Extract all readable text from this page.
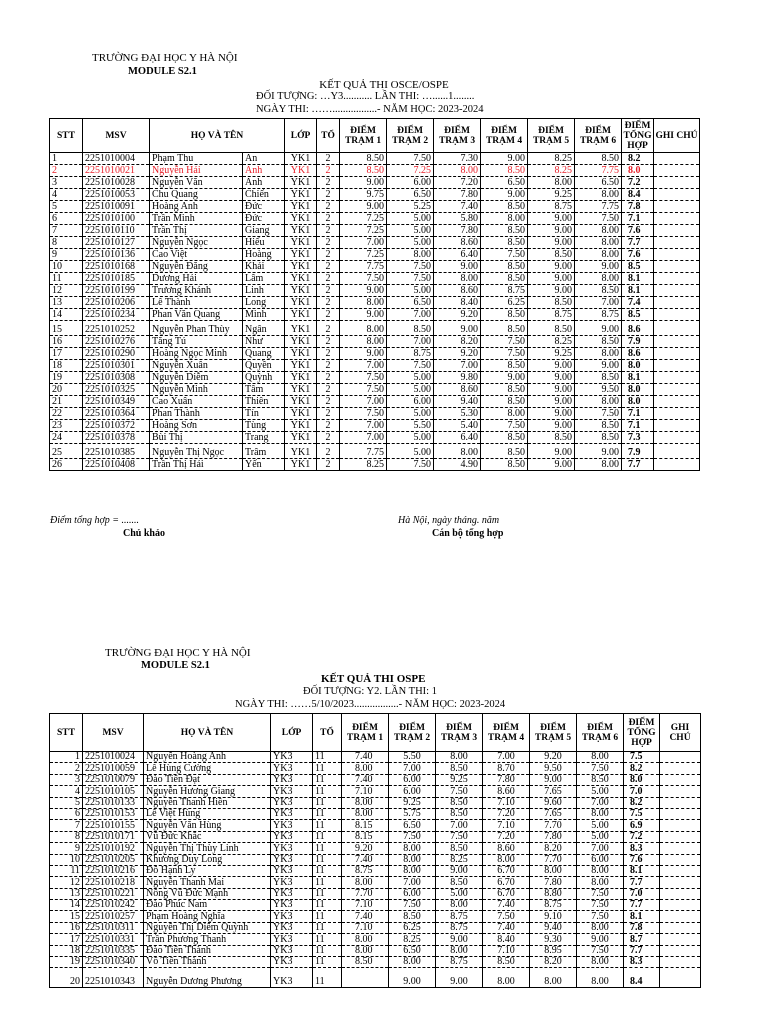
TRƯỜNG ĐẠI HỌC Y HÀ NỘI
MODULE S2.1
KẾT QUẢ THI OSCE/OSPE
ĐỐI TƯỢNG: …Y3........... LẦN THI: …......1........
NGÀY THI: …….................- NĂM HỌC: 2023-2024
STT	MSV	HỌ VÀ TÊN		LỚP	TỔ	ĐIỂM TRẠM 1	ĐIỂM TRẠM 2	ĐIỂM TRẠM 3	ĐIỂM TRẠM 4	ĐIỂM TRẠM 5	ĐIỂM TRẠM 6	ĐIỂM TỔNG HỢP	GHI CHÚ
1	2251010004	Phạm Thu	An	YK1	2	8.50	7.50	7.30	9.00	8.25	8.50	8.2	
2	2251010021	Nguyễn Hải	Anh	YK1	2	8.50	7.25	8.00	8.50	8.25	7.75	8.0	
3	2251010028	Nguyễn Văn	Anh	YK1	2	9.00	6.00	7.20	6.50	8.00	6.50	7.2	
4	2251010053	Chu Quang	Chiến	YK1	2	9.75	6.50	7.80	9.00	9.25	8.00	8.4	
5	2251010091	Hoàng Anh	Đức	YK1	2	9.00	5.25	7.40	8.50	8.75	7.75	7.8	
6	2251010100	Trần Minh	Đức	YK1	2	7.25	5.00	5.80	8.00	9.00	7.50	7.1	
7	2251010110	Trần Thị	Giang	YK1	2	7.25	5.00	7.80	8.50	9.00	8.00	7.6	
8	2251010127	Nguyễn Ngọc	Hiếu	YK1	2	7.00	5.00	8.60	8.50	9.00	8.00	7.7	
9	2251010136	Cao Việt	Hoàng	YK1	2	7.25	8.00	6.40	7.50	8.50	8.00	7.6	
10	2251010168	Nguyễn Đăng	Khải	YK1	2	7.75	7.50	9.00	8.50	9.00	9.00	8.5	
11	2251010185	Dương Hải	Lâm	YK1	2	7.50	7.50	8.00	8.50	9.00	8.00	8.1	
12	2251010199	Trương Khánh	Linh	YK1	2	9.00	5.00	8.60	8.75	9.00	8.50	8.1	
13	2251010206	Lê Thành	Long	YK1	2	8.00	6.50	8.40	6.25	8.50	7.00	7.4	
14	2251010234	Phan Văn Quang	Minh	YK1	2	9.00	7.00	9.20	8.50	8.75	8.75	8.5	
15	2251010252	Nguyễn Phan Thùy	Ngân	YK1	2	8.00	8.50	9.00	8.50	8.50	9.00	8.6	
16	2251010276	Tăng Tú	Như	YK1	2	8.00	7.00	8.20	7.50	8.25	8.50	7.9	
17	2251010290	Hoàng Ngọc Minh	Quang	YK1	2	9.00	8.75	9.20	7.50	9.25	8.00	8.6	
18	2251010301	Nguyễn Xuân	Quyền	YK1	2	7.00	7.50	7.00	8.50	9.00	9.00	8.0	
19	2251010308	Nguyễn Diễm	Quỳnh	YK1	2	7.50	5.00	9.80	9.00	9.00	8.50	8.1	
20	2251010325	Nguyễn Minh	Tâm	YK1	2	7.50	5.00	8.60	8.50	9.00	9.50	8.0	
21	2251010349	Cao Xuân	Thiên	YK1	2	7.00	6.00	9.40	8.50	9.00	8.00	8.0	
22	2251010364	Phan Thành	Tín	YK1	2	7.50	5.00	5.30	8.00	9.00	7.50	7.1	
23	2251010372	Hoàng Sơn	Tùng	YK1	2	7.00	5.50	5.40	7.50	9.00	8.50	7.1	
24	2251010378	Bùi Thị	Trang	YK1	2	7.00	5.00	6.40	8.50	8.50	8.50	7.3	
25	2251010385	Nguyễn Thị Ngọc	Trâm	YK1	2	7.75	5.00	8.00	8.50	9.00	9.00	7.9	
26	2251010408	Trần Thị Hải	Yến	YK1	2	8.25	7.50	4.90	8.50	9.00	8.00	7.7	
Điểm tổng hợp = .......	Hà Nội, ngày tháng. năm
Chủ khảo	Cán bộ tổng hợp
TRƯỜNG ĐẠI HỌC Y HÀ NỘI
MODULE S2.1
KẾT QUẢ THI OSPE
ĐỐI TƯỢNG: Y2. LẦN THI: 1
NGÀY THI: ……5/10/2023.................- NĂM HỌC: 2023-2024
STT	MSV	HỌ VÀ TÊN	LỚP	TỔ	ĐIỂM TRẠM 1	ĐIỂM TRẠM 2	ĐIỂM TRẠM 3	ĐIỂM TRẠM 4	ĐIỂM TRẠM 5	ĐIỂM TRẠM 6	ĐIỂM TỔNG HỢP	GHI CHÚ
1	2251010024	Nguyễn Hoàng Anh	YK3	11	7.40	5.50	8.00	7.00	9.20	8.00	7.5	
2	2251010059	Lê Hùng Cường	YK3	11	8.00	7.00	8.50	8.70	9.50	7.50	8.2	
3	2251010079	Đào Tiến Đạt	YK3	11	7.40	6.00	9.25	7.80	9.00	8.50	8.0	
4	2251010105	Nguyễn Hương Giang	YK3	11	7.10	6.00	7.50	8.60	7.65	5.00	7.0	
5	2251010133	Nguyễn Thanh Hiền	YK3	11	8.00	9.25	8.50	7.10	9.60	7.00	8.2	
6	2251010153	Lê Việt Hùng	YK3	11	8.00	5.75	8.50	7.20	7.65	8.00	7.5	
7	2251010155	Nguyễn Văn Hùng	YK3	11	8.15	6.50	7.00	7.10	7.70	5.00	6.9	
8	2251010171	Vũ Đức Khắc	YK3	11	8.15	7.50	7.50	7.20	7.80	5.00	7.2	
9	2251010192	Nguyễn Thị Thùy Linh	YK3	11	9.20	8.00	8.50	8.60	8.20	7.00	8.3	
10	2251010205	Khương Duy Long	YK3	11	7.40	8.00	8.25	8.00	7.70	6.00	7.6	
11	2251010216	Đỗ Hạnh Ly	YK3	11	8.75	8.00	9.00	6.70	8.00	8.00	8.1	
12	2251010218	Nguyễn Thanh Mai	YK3	11	8.00	7.00	8.50	6.70	7.80	8.00	7.7	
13	2251010221	Nông Vũ Đức Mạnh	YK3	11	7.70	6.00	5.00	6.70	8.80	7.50	7.0	
14	2251010242	Đào Phúc Nam	YK3	11	7.10	7.50	8.00	7.40	8.75	7.50	7.7	
15	2251010257	Phạm Hoàng Nghĩa	YK3	11	7.40	8.50	8.75	7.50	9.10	7.50	8.1	
16	2251010311	Nguyễn Thị Diễm Quỳnh	YK3	11	7.10	6.25	8.75	7.40	9.40	8.00	7.8	
17	2251010331	Trần Phương Thanh	YK3	11	8.00	8.25	9.00	8.40	9.30	9.00	8.7	
18	2251010335	Đào Tiến Thành	YK3	11	8.00	6.50	8.00	7.10	8.95	7.50	7.7	
19	2251010340	Võ Tiến Thành	YK3	11	8.50	8.00	8.75	8.50	8.20	8.00	8.3	
20	2251010343	Nguyễn Dương Phương	YK3	11		9.00	9.00	8.00	8.00	8.00	8.4	
